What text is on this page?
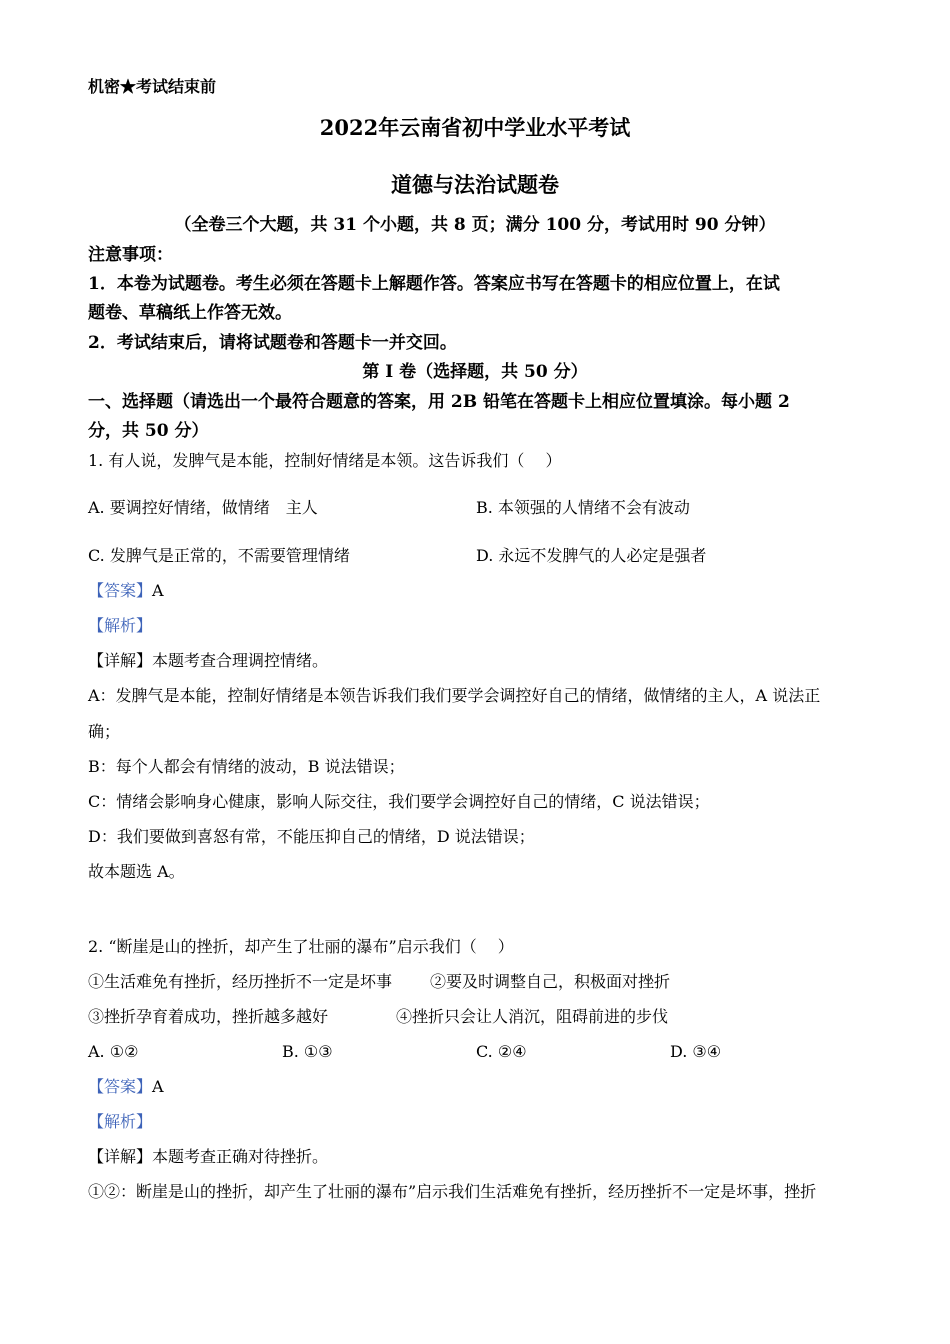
机密★考试结束前
2022年云南省初中学业水平考试
道德与法治试题卷
（全卷三个大题，共 31 个小题，共 8 页；满分 100 分，考试用时 90 分钟）
注意事项：
1．本卷为试题卷。考生必须在答题卡上解题作答。答案应书写在答题卡的相应位置上，在试
题卷、草稿纸上作答无效。
2．考试结束后，请将试题卷和答题卡一并交回。
第 I 卷（选择题，共 50 分）
一、选择题（请选出一个最符合题意的答案，用 2B 铅笔在答题卡上相应位置填涂。每小题 2
分，共 50 分）
1. 有人说，发脾气是本能，控制好情绪是本领。这告诉我们（　 ）
A. 要调控好情绪，做情绪　主人	B. 本领强的人情绪不会有波动
C. 发脾气是正常的，不需要管理情绪	D. 永远不发脾气的人必定是强者
【答案】A
【解析】
【详解】本题考查合理调控情绪。
A：发脾气是本能，控制好情绪是本领告诉我们我们要学会调控好自己的情绪，做情绪的主人，A 说法正
确；
B：每个人都会有情绪的波动，B 说法错误；
C：情绪会影响身心健康，影响人际交往，我们要学会调控好自己的情绪，C 说法错误；
D：我们要做到喜怒有常，不能压抑自己的情绪，D 说法错误；
故本题选 A。
2. “断崖是山的挫折，却产生了壮丽的瀑布”启示我们（　 ）
①生活难免有挫折，经历挫折不一定是坏事 ②要及时调整自己，积极面对挫折
③挫折孕育着成功，挫折越多越好	④挫折只会让人消沉，阻碍前进的步伐
A. ①②	B. ①③	C. ②④	D. ③④
【答案】A
【解析】
【详解】本题考查正确对待挫折。
①②：断崖是山的挫折，却产生了壮丽的瀑布”启示我们生活难免有挫折，经历挫折不一定是坏事，挫折
